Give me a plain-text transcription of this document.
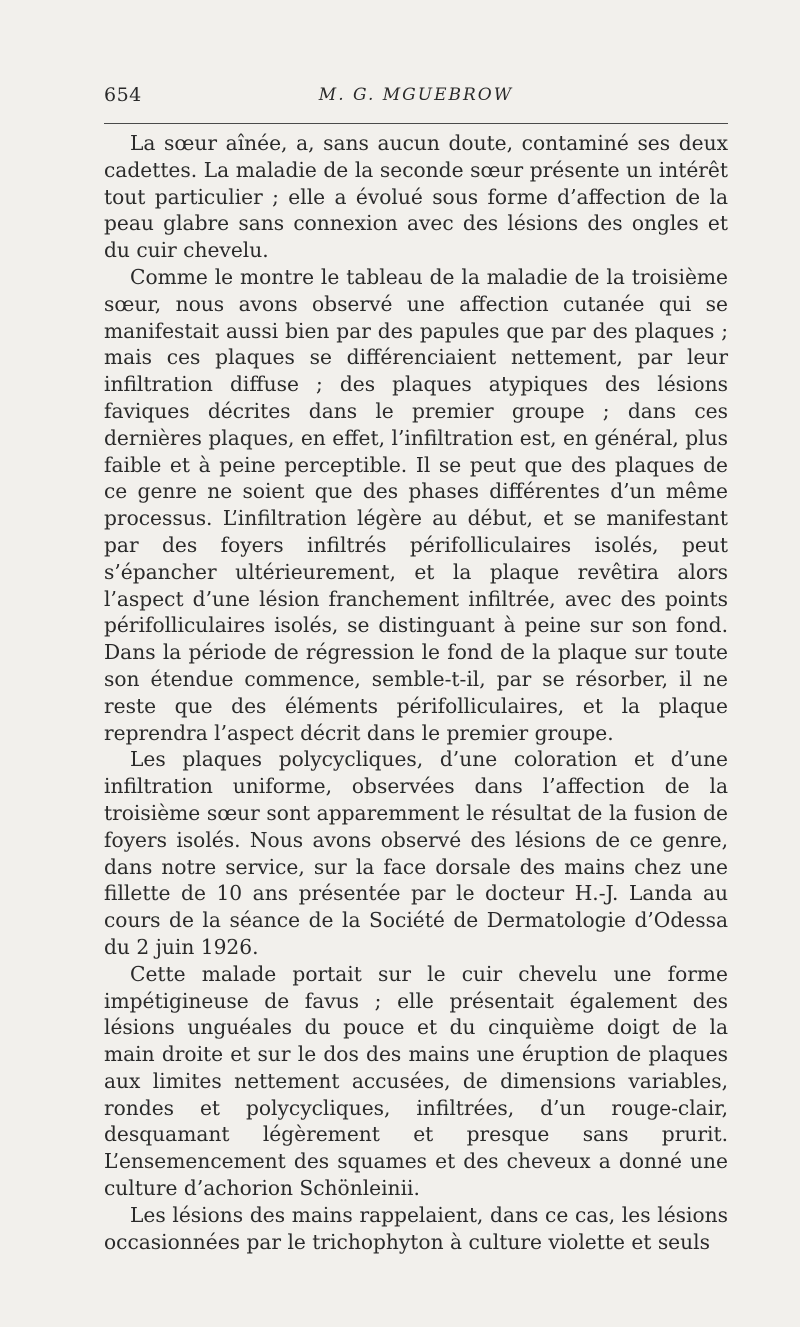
654	M. G. MGUEBROW

La sœur aînée, a, sans aucun doute, contaminé ses deux cadettes. La maladie de la seconde sœur présente un intérêt tout particulier ; elle a évolué sous forme d’affection de la peau glabre sans connexion avec des lésions des ongles et du cuir chevelu.

Comme le montre le tableau de la maladie de la troisième sœur, nous avons observé une affection cutanée qui se manifestait aussi bien par des papules que par des plaques ; mais ces plaques se différenciaient nettement, par leur infiltration diffuse ; des plaques atypiques des lésions faviques décrites dans le premier groupe ; dans ces dernières plaques, en effet, l’infiltration est, en général, plus faible et à peine perceptible. Il se peut que des plaques de ce genre ne soient que des phases différentes d’un même processus. L’infiltration légère au début, et se manifestant par des foyers infiltrés périfolliculaires isolés, peut s’épancher ultérieurement, et la plaque revêtira alors l’aspect d’une lésion franchement infiltrée, avec des points périfolliculaires isolés, se distinguant à peine sur son fond. Dans la période de régression le fond de la plaque sur toute son étendue commence, semble-t-il, par se résorber, il ne reste que des éléments périfolliculaires, et la plaque reprendra l’aspect décrit dans le premier groupe.

Les plaques polycycliques, d’une coloration et d’une infiltration uniforme, observées dans l’affection de la troisième sœur sont apparemment le résultat de la fusion de foyers isolés. Nous avons observé des lésions de ce genre, dans notre service, sur la face dorsale des mains chez une fillette de 10 ans présentée par le docteur H.-J. Landa au cours de la séance de la Société de Dermatologie d’Odessa du 2 juin 1926.

Cette malade portait sur le cuir chevelu une forme impétigineuse de favus ; elle présentait également des lésions unguéales du pouce et du cinquième doigt de la main droite et sur le dos des mains une éruption de plaques aux limites nettement accusées, de dimensions variables, rondes et polycycliques, infiltrées, d’un rouge-clair, desquamant légèrement et presque sans prurit. L’ensemencement des squames et des cheveux a donné une culture d’achorion Schönleinii.

Les lésions des mains rappelaient, dans ce cas, les lésions occasionnées par le trichophyton à culture violette et seuls
